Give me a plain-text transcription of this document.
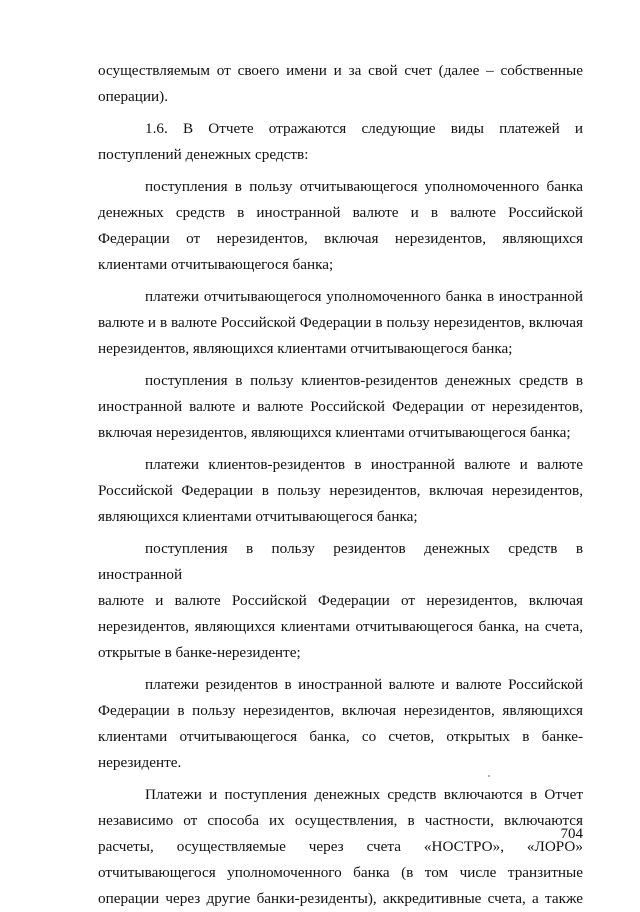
осуществляемым от своего имени и за свой счет (далее – собственные
операции).

1.6. В Отчете отражаются следующие виды платежей и
поступлений денежных средств:

поступления в пользу отчитывающегося уполномоченного банка
денежных средств в иностранной валюте и в валюте Российской
Федерации от нерезидентов, включая нерезидентов, являющихся
клиентами отчитывающегося банка;

платежи отчитывающегося уполномоченного банка в иностранной
валюте и в валюте Российской Федерации в пользу нерезидентов, включая
нерезидентов, являющихся клиентами отчитывающегося банка;

поступления в пользу клиентов-резидентов денежных средств в
иностранной валюте и валюте Российской Федерации от нерезидентов,
включая нерезидентов, являющихся клиентами отчитывающегося банка;

платежи клиентов-резидентов в иностранной валюте и валюте
Российской Федерации в пользу нерезидентов, включая нерезидентов,
являющихся клиентами отчитывающегося банка;

поступления в пользу резидентов денежных средств в иностранной
валюте и валюте Российской Федерации от нерезидентов, включая
нерезидентов, являющихся клиентами отчитывающегося банка, на счета,
открытые в банке-нерезиденте;

платежи резидентов в иностранной валюте и валюте Российской
Федерации в пользу нерезидентов, включая нерезидентов, являющихся
клиентами отчитывающегося банка, со счетов, открытых в банке-
нерезиденте.

Платежи и поступления денежных средств включаются в Отчет
независимо от способа их осуществления, в частности, включаются
расчеты, осуществляемые через счета «НОСТРО», «ЛОРО»
отчитывающегося уполномоченного банка (в том числе транзитные
операции через другие банки-резиденты), аккредитивные счета, а также

704
